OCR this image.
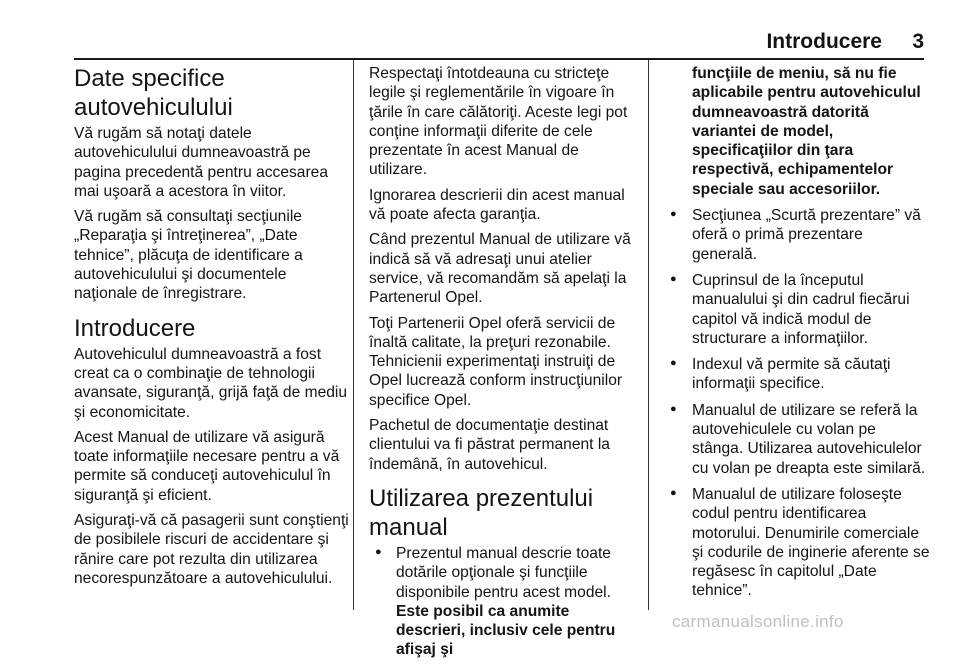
Introducere 3
Date specifice autovehiculului

Vă rugăm să notaţi datele autovehiculului dumneavoastră pe pagina precedentă pentru accesarea mai uşoară a acestora în viitor.

Vă rugăm să consultaţi secţiunile „Reparaţia şi întreţinerea”, „Date tehnice”, plăcuţa de identificare a autovehiculului şi documentele naţionale de înregistrare.

Introducere

Autovehiculul dumneavoastră a fost creat ca o combinaţie de tehnologii avansate, siguranţă, grijă faţă de mediu şi economicitate.

Acest Manual de utilizare vă asigură toate informaţiile necesare pentru a vă permite să conduceţi autovehiculul în siguranţă şi eficient.

Asiguraţi-vă că pasagerii sunt conştienţi de posibilele riscuri de accidentare şi rănire care pot rezulta din utilizarea necorespunzătoare a autovehiculului.

Respectaţi întotdeauna cu stricteţe legile şi reglementările în vigoare în ţările în care călătoriţi. Aceste legi pot conţine informaţii diferite de cele prezentate în acest Manual de utilizare.

Ignorarea descrierii din acest manual vă poate afecta garanţia.

Când prezentul Manual de utilizare vă indică să vă adresaţi unui atelier service, vă recomandăm să apelaţi la Partenerul Opel.

Toţi Partenerii Opel oferă servicii de înaltă calitate, la preţuri rezonabile. Tehnicienii experimentaţi instruiţi de Opel lucrează conform instrucţiunilor specifice Opel.

Pachetul de documentaţie destinat clientului va fi păstrat permanent la îndemână, în autovehicul.

Utilizarea prezentului manual
● Prezentul manual descrie toate dotările opţionale şi funcţiile disponibile pentru acest model. Este posibil ca anumite descrieri, inclusiv cele pentru afişaj şi
funcţiile de meniu, să nu fie aplicabile pentru autovehiculul dumneavoastră datorită variantei de model, specificaţiilor din ţara respectivă, echipamentelor speciale sau accesoriilor.
● Secţiunea „Scurtă prezentare” vă oferă o primă prezentare generală.
● Cuprinsul de la începutul manualului şi din cadrul fiecărui capitol vă indică modul de structurare a informaţiilor.
● Indexul vă permite să căutaţi informaţii specifice.
● Manualul de utilizare se referă la autovehiculele cu volan pe stânga. Utilizarea autovehiculelor cu volan pe dreapta este similară.
● Manualul de utilizare foloseşte codul pentru identificarea motorului. Denumirile comerciale şi codurile de inginerie aferente se regăsesc în capitolul „Date tehnice”.
carmanualsonline.info
